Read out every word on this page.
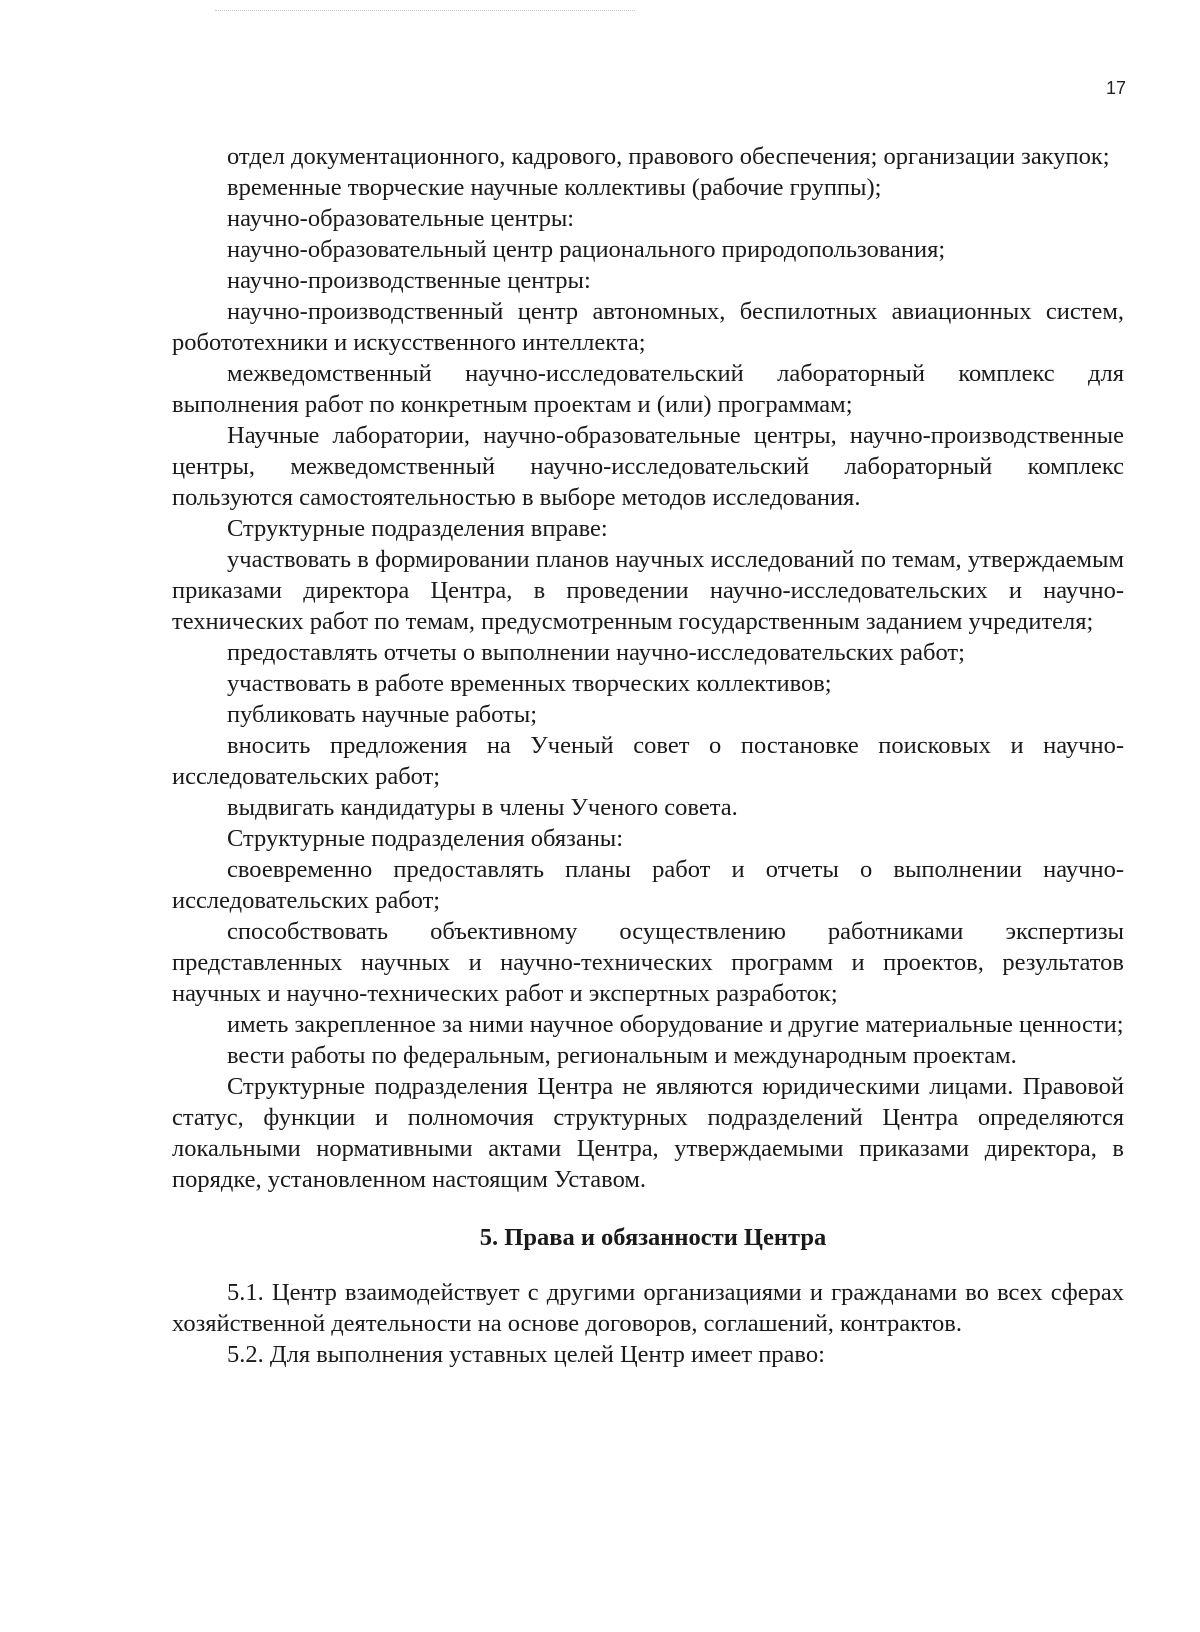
17

отдел документационного, кадрового, правового обеспечения; организации закупок;

временные творческие научные коллективы (рабочие группы);

научно-образовательные центры:

научно-образовательный центр рационального природопользования;

научно-производственные центры:

научно-производственный центр автономных, беспилотных авиационных систем, робототехники и искусственного интеллекта;

межведомственный научно-исследовательский лабораторный комплекс для выполнения работ по конкретным проектам и (или) программам;

Научные лаборатории, научно-образовательные центры, научно-производственные центры, межведомственный научно-исследовательский лабораторный комплекс пользуются самостоятельностью в выборе методов исследования.

Структурные подразделения вправе:

участвовать в формировании планов научных исследований по темам, утверждаемым приказами директора Центра, в проведении научно-исследовательских и научно-технических работ по темам, предусмотренным государственным заданием учредителя;

предоставлять отчеты о выполнении научно-исследовательских работ;

участвовать в работе временных творческих коллективов;

публиковать научные работы;

вносить предложения на Ученый совет о постановке поисковых и научно-исследовательских работ;

выдвигать кандидатуры в члены Ученого совета.

Структурные подразделения обязаны:

своевременно предоставлять планы работ и отчеты о выполнении научно-исследовательских работ;

способствовать объективному осуществлению работниками экспертизы представленных научных и научно-технических программ и проектов, результатов научных и научно-технических работ и экспертных разработок;

иметь закрепленное за ними научное оборудование и другие материальные ценности;

вести работы по федеральным, региональным и международным проектам.

Структурные подразделения Центра не являются юридическими лицами. Правовой статус, функции и полномочия структурных подразделений Центра определяются локальными нормативными актами Центра, утверждаемыми приказами директора, в порядке, установленном настоящим Уставом.

5. Права и обязанности Центра

5.1. Центр взаимодействует с другими организациями и гражданами во всех сферах хозяйственной деятельности на основе договоров, соглашений, контрактов.

5.2. Для выполнения уставных целей Центр имеет право:
